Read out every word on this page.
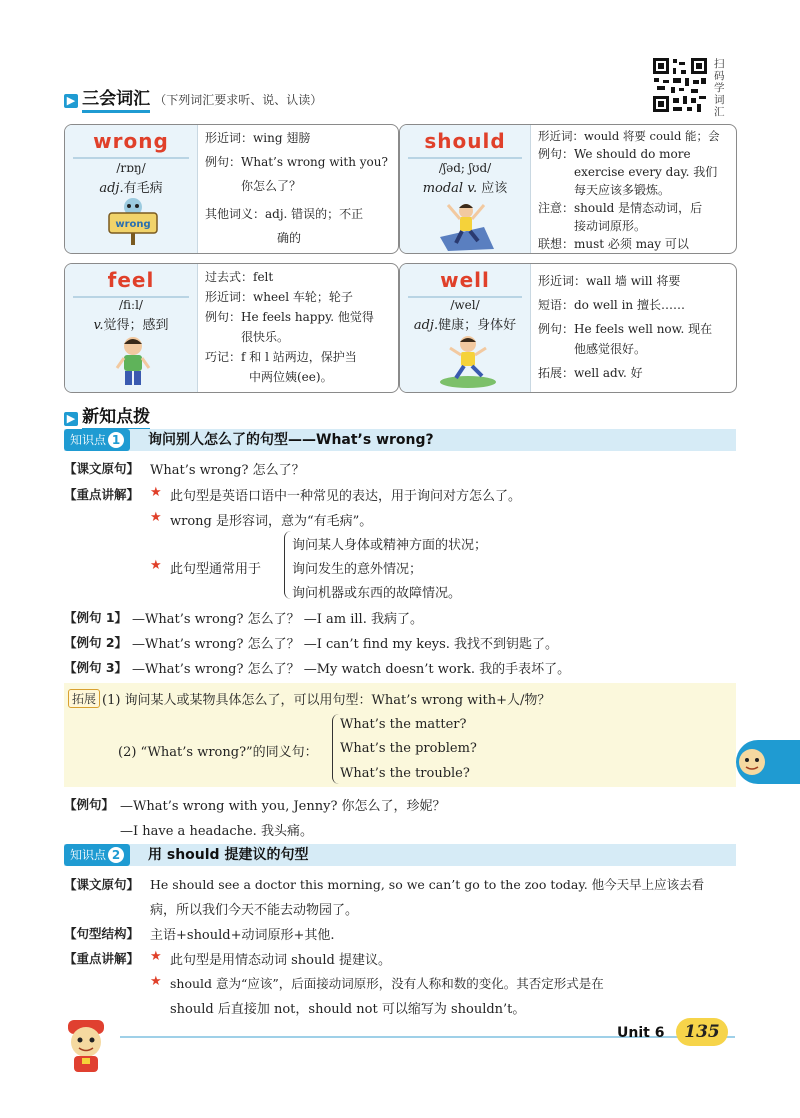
▶ 三会词汇 （下列词汇要求听、说、认读）
扫码学词汇
wrong
/rɒŋ/
adj.有毛病
wrong
形近词：wing 翅膀
例句：What’s wrong with you?
你怎么了？
其他词义：adj. 错误的；不正
确的
should
/ʃəd; ʃʊd/
modal v. 应该
形近词：would 将要 could 能；会
例句：We should do more
exercise every day. 我们
每天应该多锻炼。
注意：should 是情态动词，后
接动词原形。
联想：must 必须 may 可以
feel
/fiːl/
v.觉得；感到
过去式：felt
形近词：wheel 车轮；轮子
例句：He feels happy. 他觉得
很快乐。
巧记：f 和 l 站两边，保护当
中两位姨(ee)。
well
/wel/
adj.健康；身体好
形近词：wall 墙 will 将要
短语：do well in 擅长……
例句：He feels well now. 现在
他感觉很好。
拓展：well adv. 好
▶ 新知点拨
知识点 1	询问别人怎么了的句型——What’s wrong?
【课文原句】 What’s wrong? 怎么了？
【重点讲解】 ★ 此句型是英语口语中一种常见的表达，用于询问对方怎么了。
★ wrong 是形容词，意为“有毛病”。
★ 此句型通常用于
询问某人身体或精神方面的状况；
询问发生的意外情况；
询问机器或东西的故障情况。
【例句 1】 —What’s wrong? 怎么了？ —I am ill. 我病了。
【例句 2】 —What’s wrong? 怎么了？ —I can’t find my keys. 我找不到钥匙了。
【例句 3】 —What’s wrong? 怎么了？ —My watch doesn’t work. 我的手表坏了。
拓展 (1) 询问某人或某物具体怎么了，可以用句型：What’s wrong with+人/物？
(2) “What’s wrong?”的同义句：
What’s the matter?
What’s the problem?
What’s the trouble?
【例句】 —What’s wrong with you, Jenny? 你怎么了，珍妮？
—I have a headache. 我头痛。
知识点 2	用 should 提建议的句型
【课文原句】 He should see a doctor this morning, so we can’t go to the zoo today. 他今天早上应该去看
病，所以我们今天不能去动物园了。
【句型结构】 主语+should+动词原形+其他.
【重点讲解】 ★ 此句型是用情态动词 should 提建议。
★ should 意为“应该”，后面接动词原形，没有人称和数的变化。其否定形式是在
should 后直接加 not，should not 可以缩写为 shouldn’t。
Unit 6	135
